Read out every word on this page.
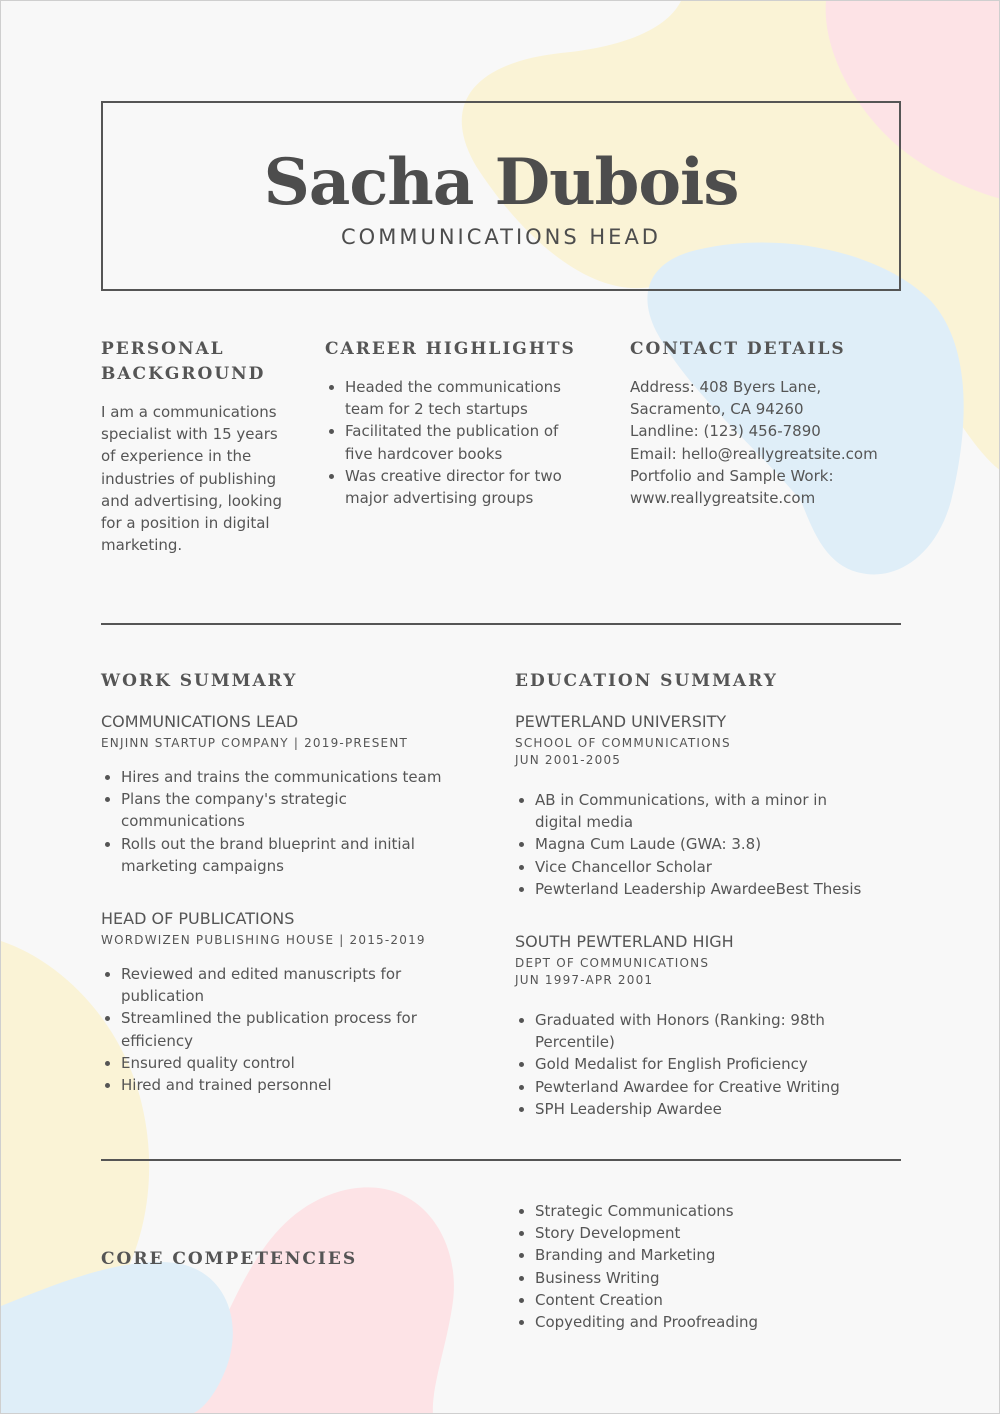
Sacha Dubois
COMMUNICATIONS HEAD
PERSONAL BACKGROUND

I am a communications specialist with 15 years of experience in the industries of publishing and advertising, looking for a position in digital marketing.

CAREER HIGHLIGHTS
Headed the communications team for 2 tech startups
Facilitated the publication of five hardcover books
Was creative director for two major advertising groups
CONTACT DETAILS

Address: 408 Byers Lane, Sacramento, CA 94260

Landline: (123) 456-7890

Email: hello@reallygreatsite.com

Portfolio and Sample Work:

www.reallygreatsite.com

WORK SUMMARY

COMMUNICATIONS LEAD

ENJINN STARTUP COMPANY | 2019-PRESENT

Hires and trains the communications team
Plans the company's strategic communications
Rolls out the brand blueprint and initial marketing campaigns

HEAD OF PUBLICATIONS

WORDWIZEN PUBLISHING HOUSE | 2015-2019

Reviewed and edited manuscripts for publication
Streamlined the publication process for efficiency
Ensured quality control
Hired and trained personnel
EDUCATION SUMMARY

PEWTERLAND UNIVERSITY

SCHOOL OF COMMUNICATIONS

JUN 2001-2005

AB in Communications, with a minor in digital media
Magna Cum Laude (GWA: 3.8)
Vice Chancellor Scholar
Pewterland Leadership AwardeeBest Thesis

SOUTH PEWTERLAND HIGH

DEPT OF COMMUNICATIONS

JUN 1997-APR 2001

Graduated with Honors (Ranking: 98th Percentile)
Gold Medalist for English Proficiency
Pewterland Awardee for Creative Writing
SPH Leadership Awardee
CORE COMPETENCIES
Strategic Communications
Story Development
Branding and Marketing
Business Writing
Content Creation
Copyediting and Proofreading
